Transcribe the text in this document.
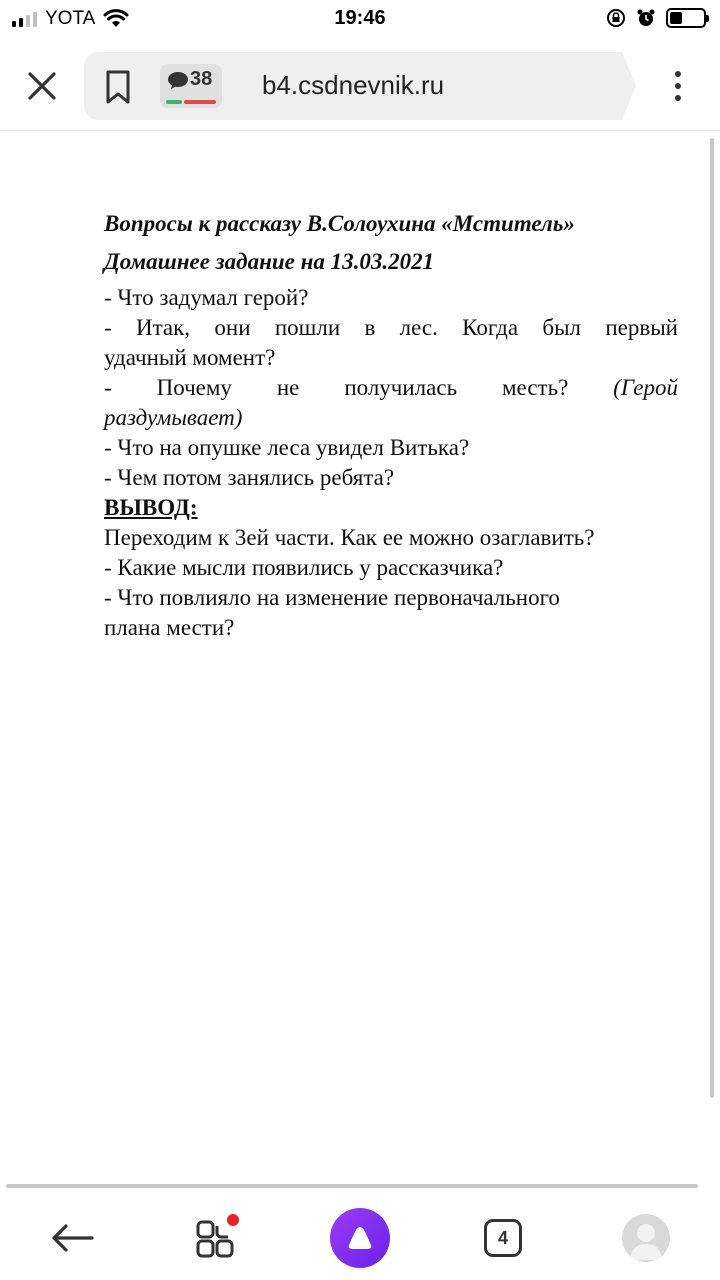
YOTA	19:46
38 b4.csdnevnik.ru

Вопросы к рассказу В.Солоухина «Мститель»

Домашнее задание на 13.03.2021

- Что задумал герой?

- Итак, они пошли в лес. Когда был первый

удачный момент?

- Почему не получилась месть? (Герой

раздумывает)

- Что на опушке леса увидел Витька?

- Чем потом занялись ребята?

ВЫВОД:

Переходим к 3ей части. Как ее можно озаглавить?

- Какие мысли появились у рассказчика?

- Что повлияло на изменение первоначального

плана мести?

4
